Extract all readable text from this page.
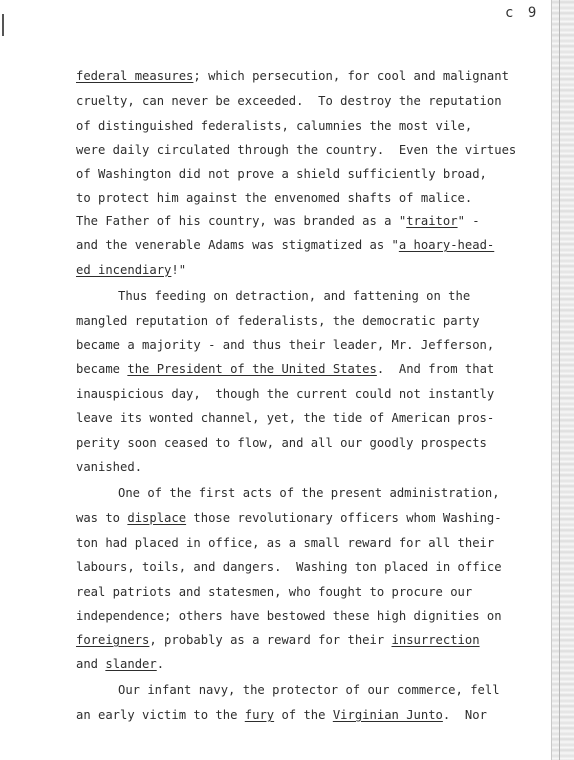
c 9
federal measures; which persecution, for cool and malignant
cruelty, can never be exceeded.  To destroy the reputation
of distinguished federalists, calumnies the most vile,
were daily circulated through the country.  Even the virtues
of Washington did not prove a shield sufficiently broad,
to protect him against the envenomed shafts of malice.
The Father of his country, was branded as a "traitor" -
and the venerable Adams was stigmatized as "a hoary-head-
ed incendiary!"
Thus feeding on detraction, and fattening on the
mangled reputation of federalists, the democratic party
became a majority - and thus their leader, Mr. Jefferson,
became the President of the United States.  And from that
inauspicious day,  though the current could not instantly
leave its wonted channel, yet, the tide of American pros-
perity soon ceased to flow, and all our goodly prospects
vanished.
One of the first acts of the present administration,
was to displace those revolutionary officers whom Washing-
ton had placed in office, as a small reward for all their
labours, toils, and dangers.  Washing ton placed in office
real patriots and statesmen, who fought to procure our
independence; others have bestowed these high dignities on
foreigners, probably as a reward for their insurrection
and slander.
Our infant navy, the protector of our commerce, fell
an early victim to the fury of the Virginian Junto.  Nor
